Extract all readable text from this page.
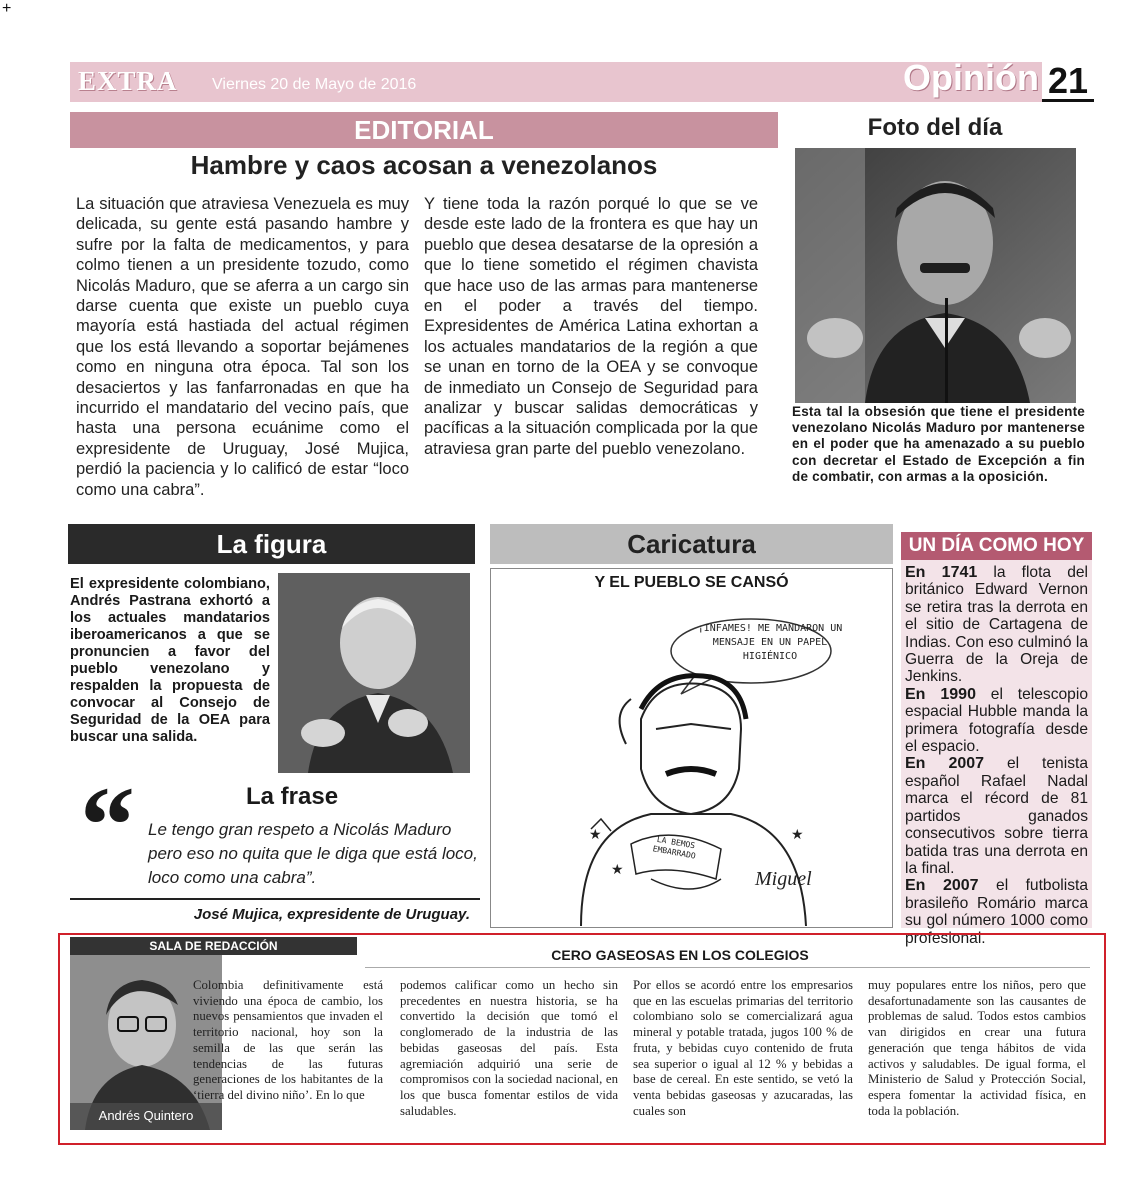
+
EXTRA Viernes 20 de Mayo de 2016	Opinión 21
EDITORIAL
Hambre y caos acosan a venezolanos
La situación que atraviesa Venezuela es muy delicada, su gente está pasando hambre y sufre por la falta de medicamentos, y para colmo tienen a un presidente tozudo, como Nicolás Maduro, que se aferra a un cargo sin darse cuenta que existe un pueblo cuya mayoría está hastiada del actual régimen que los está llevando a soportar bejámenes como en ninguna otra época. Tal son los desaciertos y las fanfarronadas en que ha incurrido el mandatario del vecino país, que hasta una persona ecuánime como el expresidente de Uruguay, José Mujica, perdió la paciencia y lo calificó de estar “loco como una cabra”.
Y tiene toda la razón porqué lo que se ve desde este lado de la frontera es que hay un pueblo que desea desatarse de la opresión a que lo tiene sometido el régimen chavista que hace uso de las armas para mantenerse en el poder a través del tiempo. Expresidentes de América Latina exhortan a los actuales mandatarios de la región a que se unan en torno de la OEA y se convoque de inmediato un Consejo de Seguridad para analizar y buscar salidas democráticas y pacíficas a la situación complicada por la que atraviesa gran parte del pueblo venezolano.
Foto del día
Esta tal la obsesión que tiene el presidente venezolano Nicolás Maduro por mantenerse en el poder que ha amenazado a su pueblo con decretar el Estado de Excepción a fin de combatir, con armas a la oposición.
La figura	Caricatura	UN DÍA COMO HOY
El expresidente colombiano, Andrés Pastrana exhortó a los actuales mandatarios iberoamericanos a que se pronuncien a favor del pueblo venezolano y respalden la propuesta de convocar al Consejo de Seguridad de la OEA para buscar una salida.
“	La frase
Le tengo gran respeto a Nicolás Maduro pero eso no quita que le diga que está loco, loco como una cabra”.
José Mujica, expresidente de Uruguay.
★
★
★
Y EL PUEBLO SE CANSÓ
¡INFAMES! ME MANDARON UN MENSAJE EN UN PAPEL HIGIÉNICO
LA BEMOS EMBARRADO
Miguel
En 1741 la flota del británico Edward Vernon se retira tras la derrota en el sitio de Cartagena de Indias. Con eso culminó la Guerra de la Oreja de Jenkins.
En 1990 el telescopio espacial Hubble manda la primera fotografía desde el espacio.
En 2007 el tenista español Rafael Nadal marca el récord de 81 partidos ganados consecutivos sobre tierra batida tras una derrota en la final.
En 2007 el futbolista brasileño Romário marca su gol número 1000 como profesional.
SALA DE REDACCIÓN
CERO GASEOSAS EN LOS COLEGIOS
Andrés Quintero
Colombia definitivamente está viviendo una época de cambio, los nuevos pensamientos que invaden el territorio nacional, hoy son la semilla de las que serán las tendencias de las futuras generaciones de los habitantes de la ‘tierra del divino niño’. En lo que
podemos calificar como un hecho sin precedentes en nuestra historia, se ha convertido la decisión que tomó el conglomerado de la industria de las bebidas gaseosas del país. Esta agremiación adquirió una serie de compromisos con la sociedad nacional, en los que busca fomentar estilos de vida saludables.
Por ellos se acordó entre los empresarios que en las escuelas primarias del territorio colombiano solo se comercializará agua mineral y potable tratada, jugos 100 % de fruta, y bebidas cuyo contenido de fruta sea superior o igual al 12 % y bebidas a base de cereal. En este sentido, se vetó la venta bebidas gaseosas y azucaradas, las cuales son
muy populares entre los niños, pero que desafortunadamente son las causantes de problemas de salud. Todos estos cambios van dirigidos en crear una futura generación que tenga hábitos de vida activos y saludables. De igual forma, el Ministerio de Salud y Protección Social, espera fomentar la actividad física, en toda la población.
